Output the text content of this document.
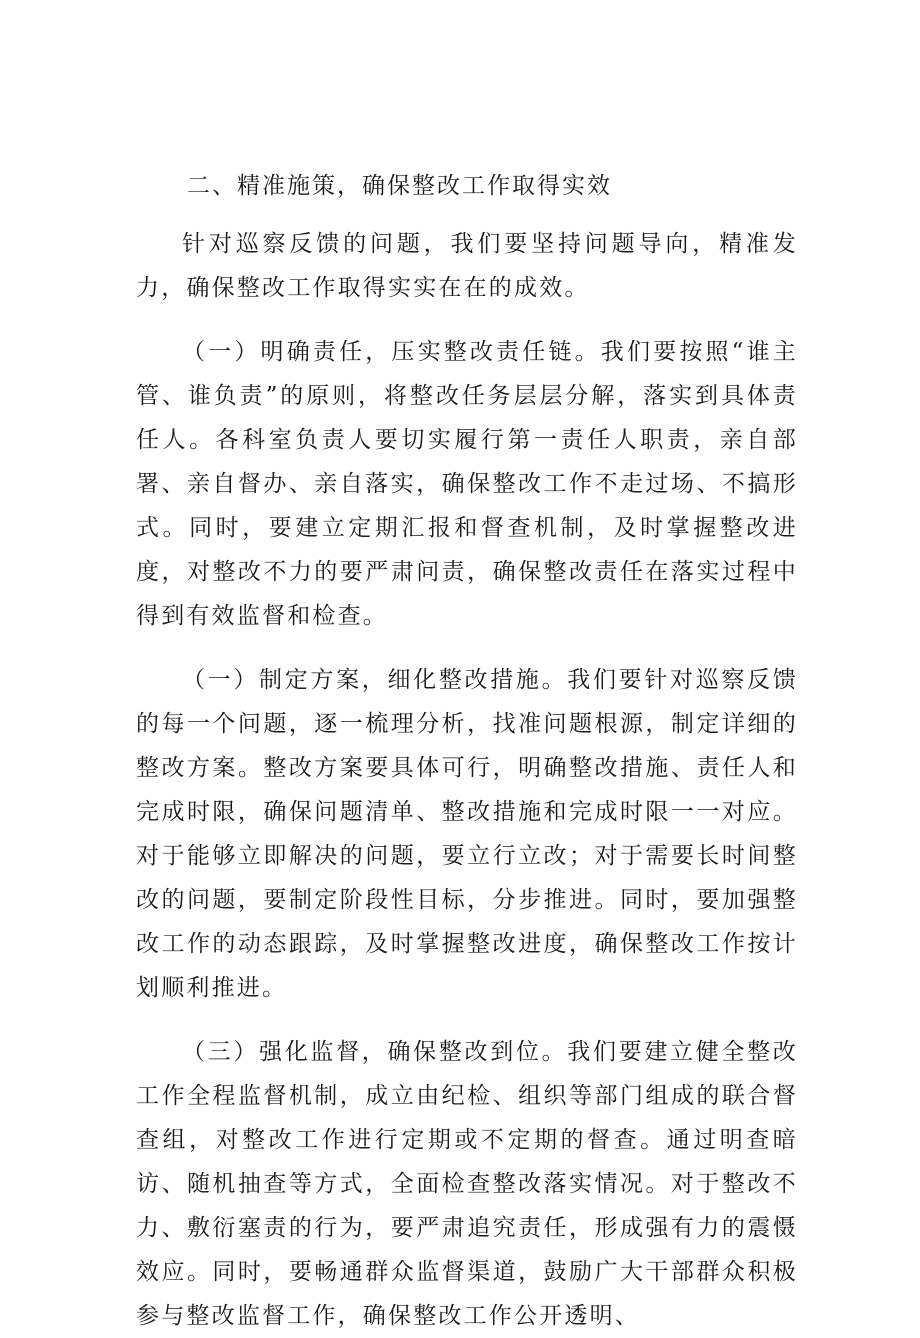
二、精准施策，确保整改工作取得实效

针对巡察反馈的问题，我们要坚持问题导向，精准发力，确保整改工作取得实实在在的成效。

（一）明确责任，压实整改责任链。我们要按照“谁主管、谁负责”的原则，将整改任务层层分解，落实到具体责任人。各科室负责人要切实履行第一责任人职责，亲自部署、亲自督办、亲自落实，确保整改工作不走过场、不搞形式。同时，要建立定期汇报和督查机制，及时掌握整改进度，对整改不力的要严肃问责，确保整改责任在落实过程中得到有效监督和检查。

（一）制定方案，细化整改措施。我们要针对巡察反馈的每一个问题，逐一梳理分析，找准问题根源，制定详细的整改方案。整改方案要具体可行，明确整改措施、责任人和完成时限，确保问题清单、整改措施和完成时限一一对应。对于能够立即解决的问题，要立行立改；对于需要长时间整改的问题，要制定阶段性目标，分步推进。同时，要加强整改工作的动态跟踪，及时掌握整改进度，确保整改工作按计划顺利推进。

（三）强化监督，确保整改到位。我们要建立健全整改工作全程监督机制，成立由纪检、组织等部门组成的联合督查组，对整改工作进行定期或不定期的督查。通过明查暗访、随机抽查等方式，全面检查整改落实情况。对于整改不力、敷衍塞责的行为，要严肃追究责任，形成强有力的震慑效应。同时，要畅通群众监督渠道，鼓励广大干部群众积极参与整改监督工作，确保整改工作公开透明、
